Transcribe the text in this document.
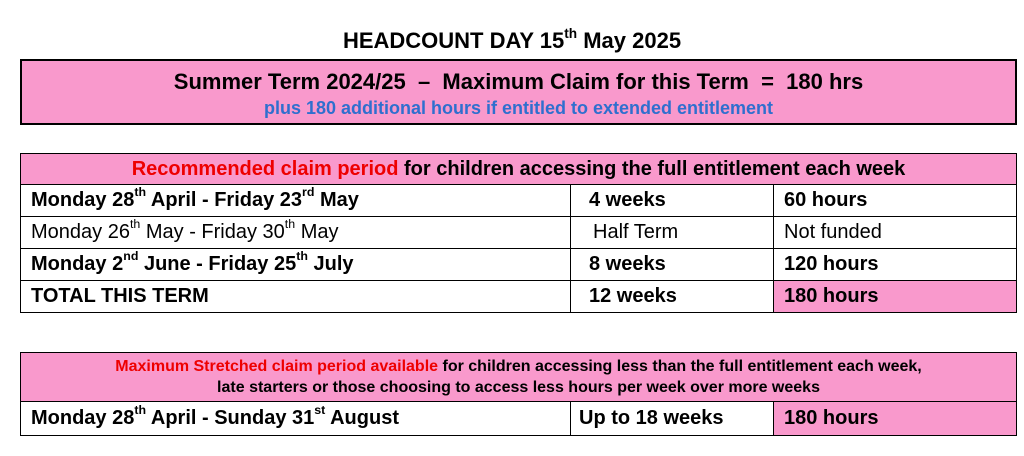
HEADCOUNT DAY 15th May 2025
Summer Term 2024/25  –  Maximum Claim for this Term  =  180 hrs
plus 180 additional hours if entitled to extended entitlement
Recommended claim period for children accessing the full entitlement each week		
Monday 28th April - Friday 23rd May	4 weeks	60 hours
Monday 26th May - Friday 30th May	Half Term	Not funded
Monday 2nd June - Friday 25th July	8 weeks	120 hours
TOTAL THIS TERM	12 weeks	180 hours
Maximum Stretched claim period available for children accessing less than the full entitlement each week,
late starters or those choosing to access less hours per week over more weeks

Monday 28th April - Sunday 31st August	Up to 18 weeks	180 hours
